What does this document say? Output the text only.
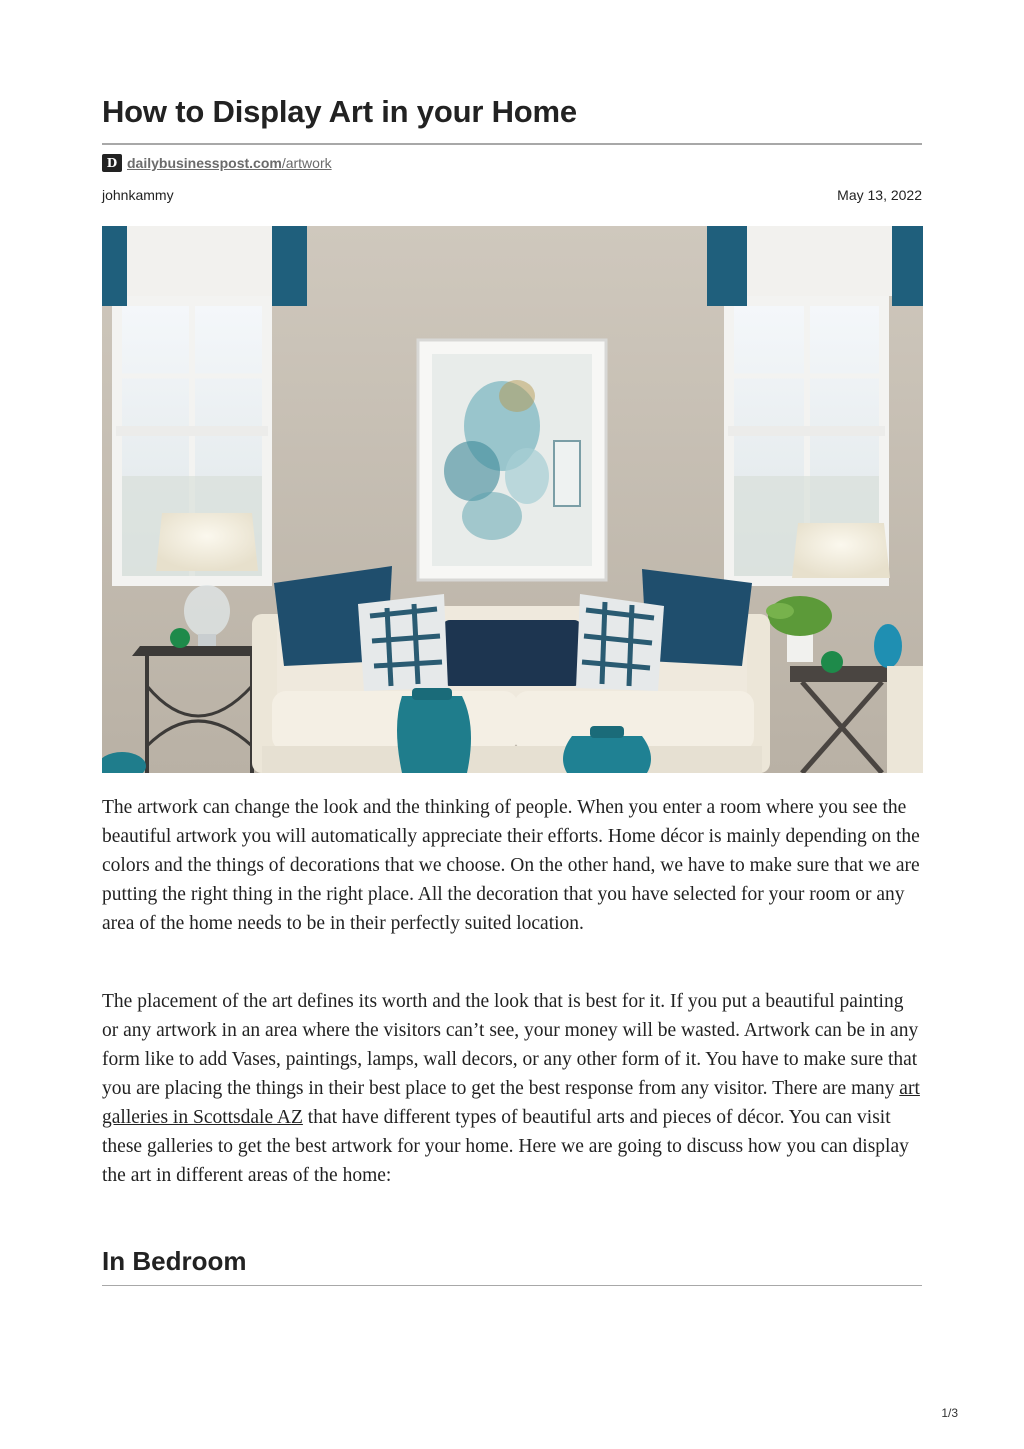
How to Display Art in your Home
D dailybusinesspost.com/artwork
johnkammy	May 13, 2022

The artwork can change the look and the thinking of people. When you enter a room where you see the beautiful artwork you will automatically appreciate their efforts. Home décor is mainly depending on the colors and the things of decorations that we choose. On the other hand, we have to make sure that we are putting the right thing in the right place. All the decoration that you have selected for your room or any area of the home needs to be in their perfectly suited location.

The placement of the art defines its worth and the look that is best for it. If you put a beautiful painting or any artwork in an area where the visitors can’t see, your money will be wasted. Artwork can be in any form like to add Vases, paintings, lamps, wall decors, or any other form of it. You have to make sure that you are placing the things in their best place to get the best response from any visitor. There are many art galleries in Scottsdale AZ that have different types of beautiful arts and pieces of décor. You can visit these galleries to get the best artwork for your home. Here we are going to discuss how you can display the art in different areas of the home:

In Bedroom
1/3
